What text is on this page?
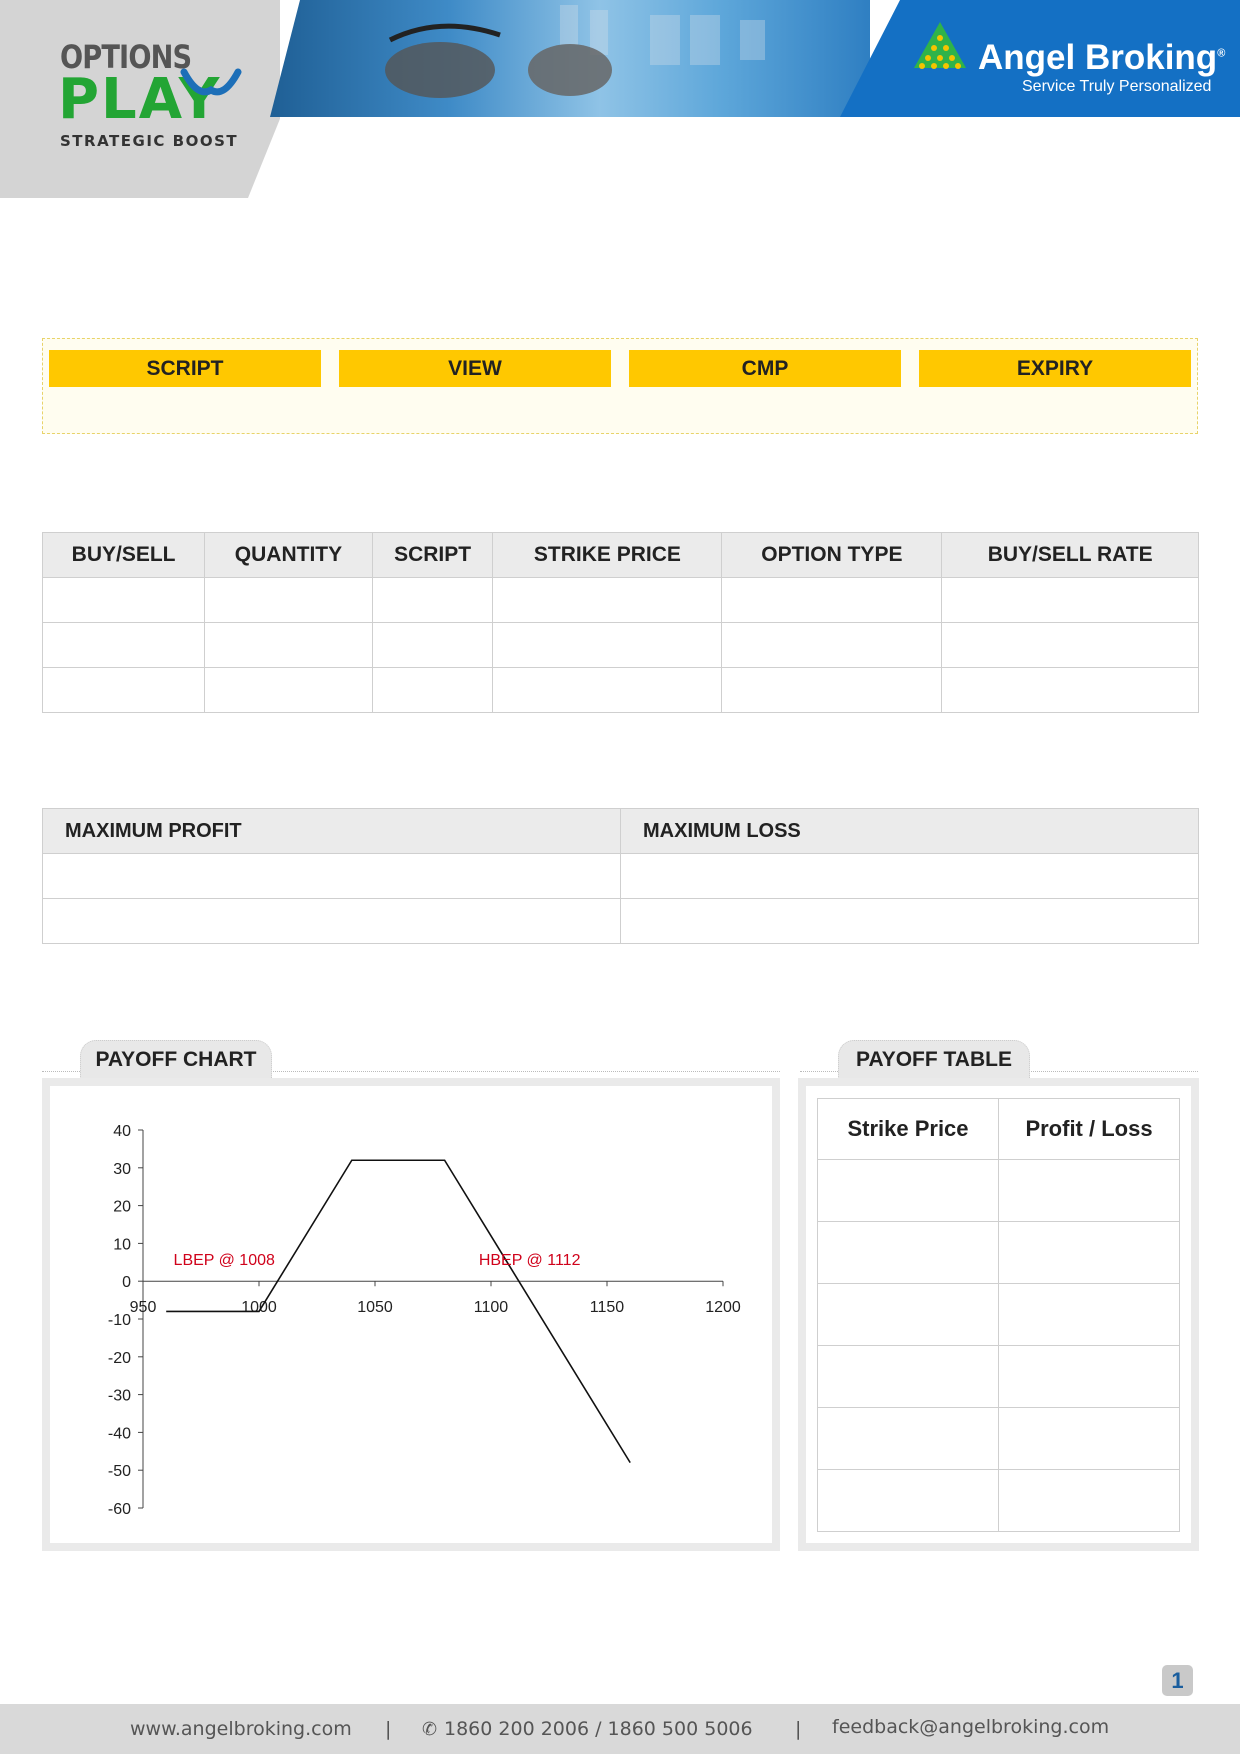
OPTIONS
PLAY
STRATEGIC BOOST
Angel Broking®
Service Truly Personalized
SCRIPT	VIEW	CMP	EXPIRY
BUY/SELL	QUANTITY	SCRIPT	STRIKE PRICE	OPTION TYPE	BUY/SELL RATE

MAXIMUM PROFIT	MAXIMUM LOSS

PAYOFF CHART
40
30
20
10
0
-10
-20
-30
-40
-50
-60
950	1000	1050	1100	1150	1200
LBEP @ 1008	HBEP @ 1112
PAYOFF TABLE
Strike Price	Profit / Loss

1
www.angelbroking.com | ✆ 1860 200 2006 / 1860 500 5006 | feedback@angelbroking.com
